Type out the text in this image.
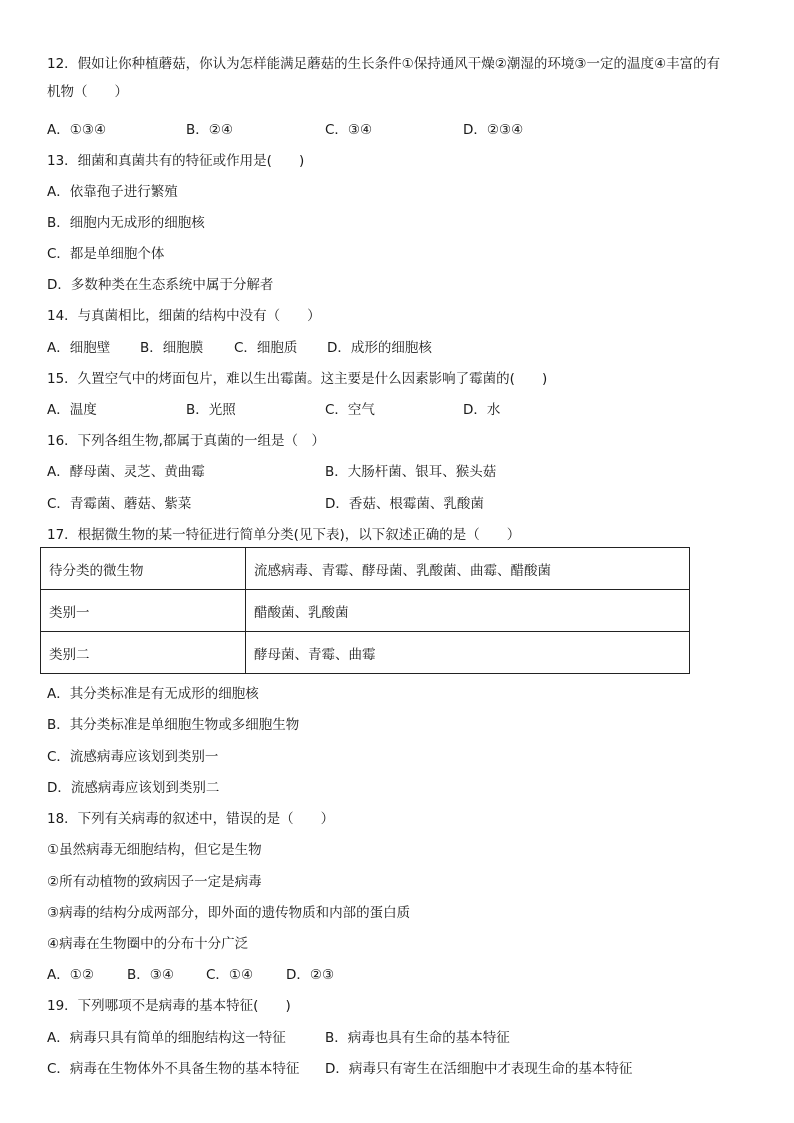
12．假如让你种植蘑菇，你认为怎样能满足蘑菇的生长条件①保持通风干燥②潮湿的环境③一定的温度④丰富的有
机物（　　）
A．①③④	B．②④	C．③④	D．②③④
13．细菌和真菌共有的特征或作用是(　　)
A．依靠孢子进行繁殖
B．细胞内无成形的细胞核
C．都是单细胞个体
D．多数种类在生态系统中属于分解者
14．与真菌相比，细菌的结构中没有（　　）
A．细胞壁 B．细胞膜 C．细胞质 D．成形的细胞核
15．久置空气中的烤面包片，难以生出霉菌。这主要是什么因素影响了霉菌的(　　)
A．温度	B．光照	C．空气	D．水
16．下列各组生物,都属于真菌的一组是（　）
A．酵母菌、灵芝、黄曲霉	B．大肠杆菌、银耳、猴头菇
C．青霉菌、蘑菇、紫菜	D．香菇、根霉菌、乳酸菌
17．根据微生物的某一特征进行简单分类(见下表)，以下叙述正确的是（　　）
待分类的微生物	流感病毒、青霉、酵母菌、乳酸菌、曲霉、醋酸菌
类别一	醋酸菌、乳酸菌
类别二	酵母菌、青霉、曲霉
A．其分类标准是有无成形的细胞核
B．其分类标准是单细胞生物或多细胞生物
C．流感病毒应该划到类别一
D．流感病毒应该划到类别二
18．下列有关病毒的叙述中，错误的是（　　）
①虽然病毒无细胞结构，但它是生物
②所有动植物的致病因子一定是病毒
③病毒的结构分成两部分，即外面的遗传物质和内部的蛋白质
④病毒在生物圈中的分布十分广泛
A．①② B．③④ C．①④ D．②③
19．下列哪项不是病毒的基本特征(　　)
A．病毒只具有简单的细胞结构这一特征	B．病毒也具有生命的基本特征
C．病毒在生物体外不具备生物的基本特征 D．病毒只有寄生在活细胞中才表现生命的基本特征
